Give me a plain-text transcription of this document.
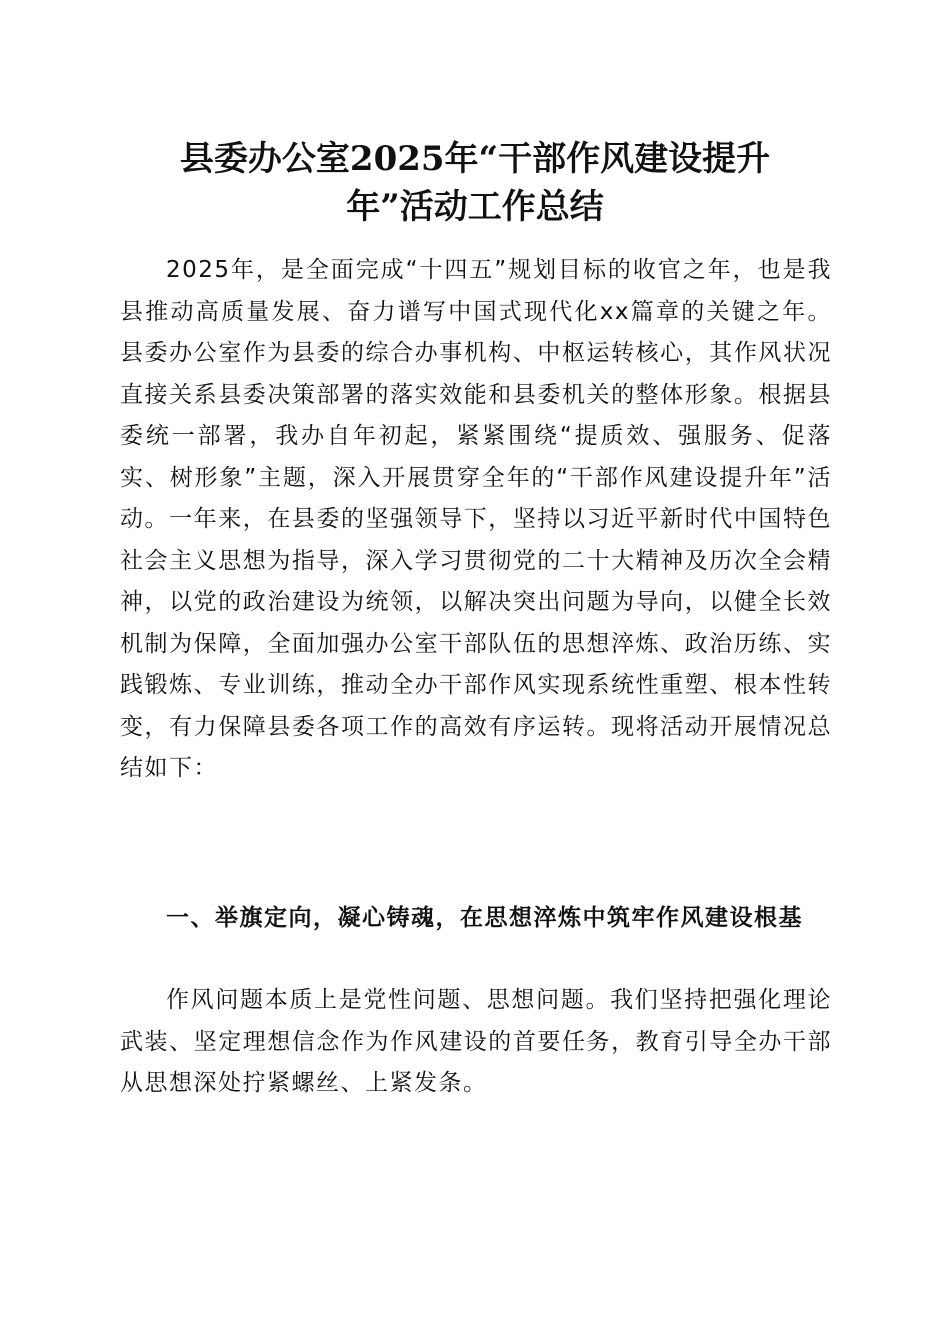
县委办公室2025年“干部作风建设提升
年”活动工作总结

2025年，是全面完成“十四五”规划目标的收官之年，也是我县推动高质量发展、奋力谱写中国式现代化xx篇章的关键之年。县委办公室作为县委的综合办事机构、中枢运转核心，其作风状况直接关系县委决策部署的落实效能和县委机关的整体形象。根据县委统一部署，我办自年初起，紧紧围绕“提质效、强服务、促落实、树形象”主题，深入开展贯穿全年的“干部作风建设提升年”活动。一年来，在县委的坚强领导下，坚持以习近平新时代中国特色社会主义思想为指导，深入学习贯彻党的二十大精神及历次全会精神，以党的政治建设为统领，以解决突出问题为导向，以健全长效机制为保障，全面加强办公室干部队伍的思想淬炼、政治历练、实践锻炼、专业训练，推动全办干部作风实现系统性重塑、根本性转变，有力保障县委各项工作的高效有序运转。现将活动开展情况总结如下：

一、举旗定向，凝心铸魂，在思想淬炼中筑牢作风建设根基

作风问题本质上是党性问题、思想问题。我们坚持把强化理论武装、坚定理想信念作为作风建设的首要任务，教育引导全办干部从思想深处拧紧螺丝、上紧发条。
